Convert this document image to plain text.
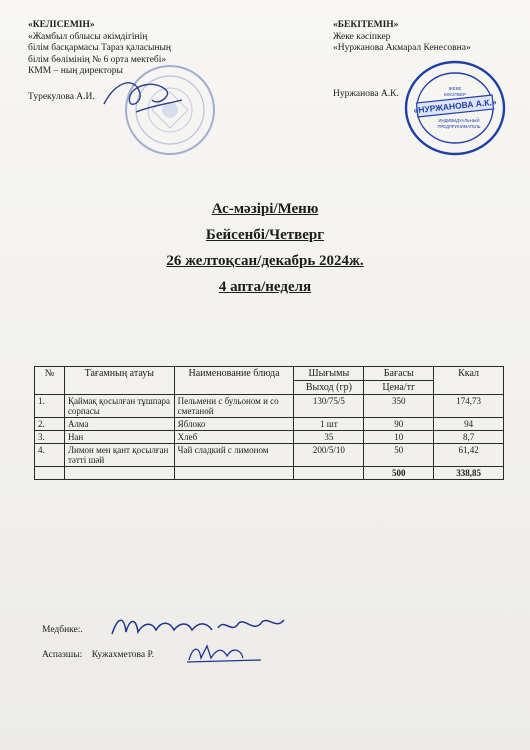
«КЕЛІСЕМІН»
«Жамбыл облысы әкімдігінің
білім басқармасы Тараз қаласының
білім бөлімінің № 6 орта мектебі»
КММ – ның директоры
Турекулова А.И.
«БЕКІТЕМІН»
Жеке кәсіпкер
«Нуржанова Акмарал Кенесовна»
Нуржанова А.К.
«НУРЖАНОВА А.К.»
ЖЕКЕ
КӘСІПКЕР
ИНДИВИДУАЛЬНЫЙ
ПРЕДПРИНИМАТЕЛЬ
Ас-мәзірі/Меню
Бейсенбі/Четверг
26 желтоқсан/декабрь 2024ж.
4 апта/неделя
№	Тағамның атауы	Наименование блюда	Шығымы	Бағасы	Ккал
			Выход (гр)	Цена/тг	
1.	Қаймақ қосылған тұшпара сорпасы	Пельмени с бульоном и со сметаной	130/75/5	350	174,73
2.	Алма	Яблоко	1 шт	90	94
3.	Нан	Хлеб	35	10	8,7
4.	Лимон мен қант қосылған тәтті шәй	Чай сладкий с лимоном	200/5/10	50	61,42
				500	338,85
Медбике:.
Аспазшы: Кужахметова Р.
